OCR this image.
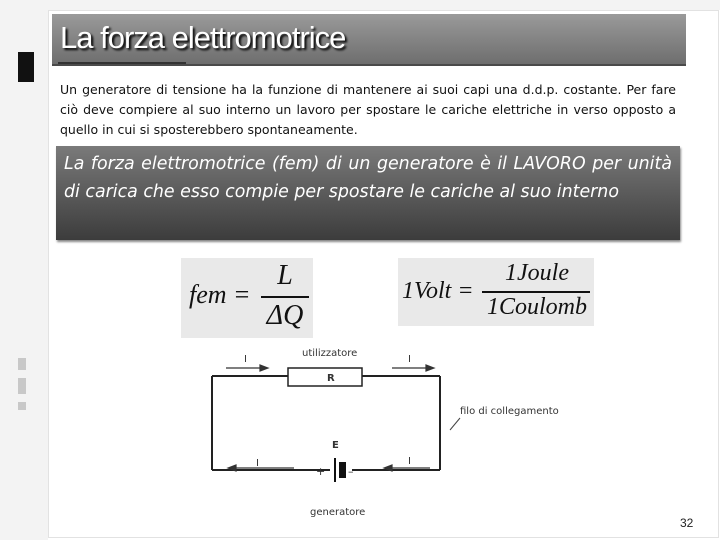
La forza elettromotrice

Un generatore di tensione ha la funzione di mantenere ai suoi capi una d.d.p. costante. Per fare ciò deve compiere al suo interno un lavoro per spostare le cariche elettriche in verso opposto a quello in cui si sposterebbero spontaneamente.

La forza elettromotrice (fem) di un generatore è il LAVORO per unità di carica che esso compie per spostare le cariche al suo interno

fem =
L
ΔQ
1Volt =
1Joule
1Coulomb
I	I
I	I
utilizzatore
R
filo di collegamento
E
+ –
generatore
32
